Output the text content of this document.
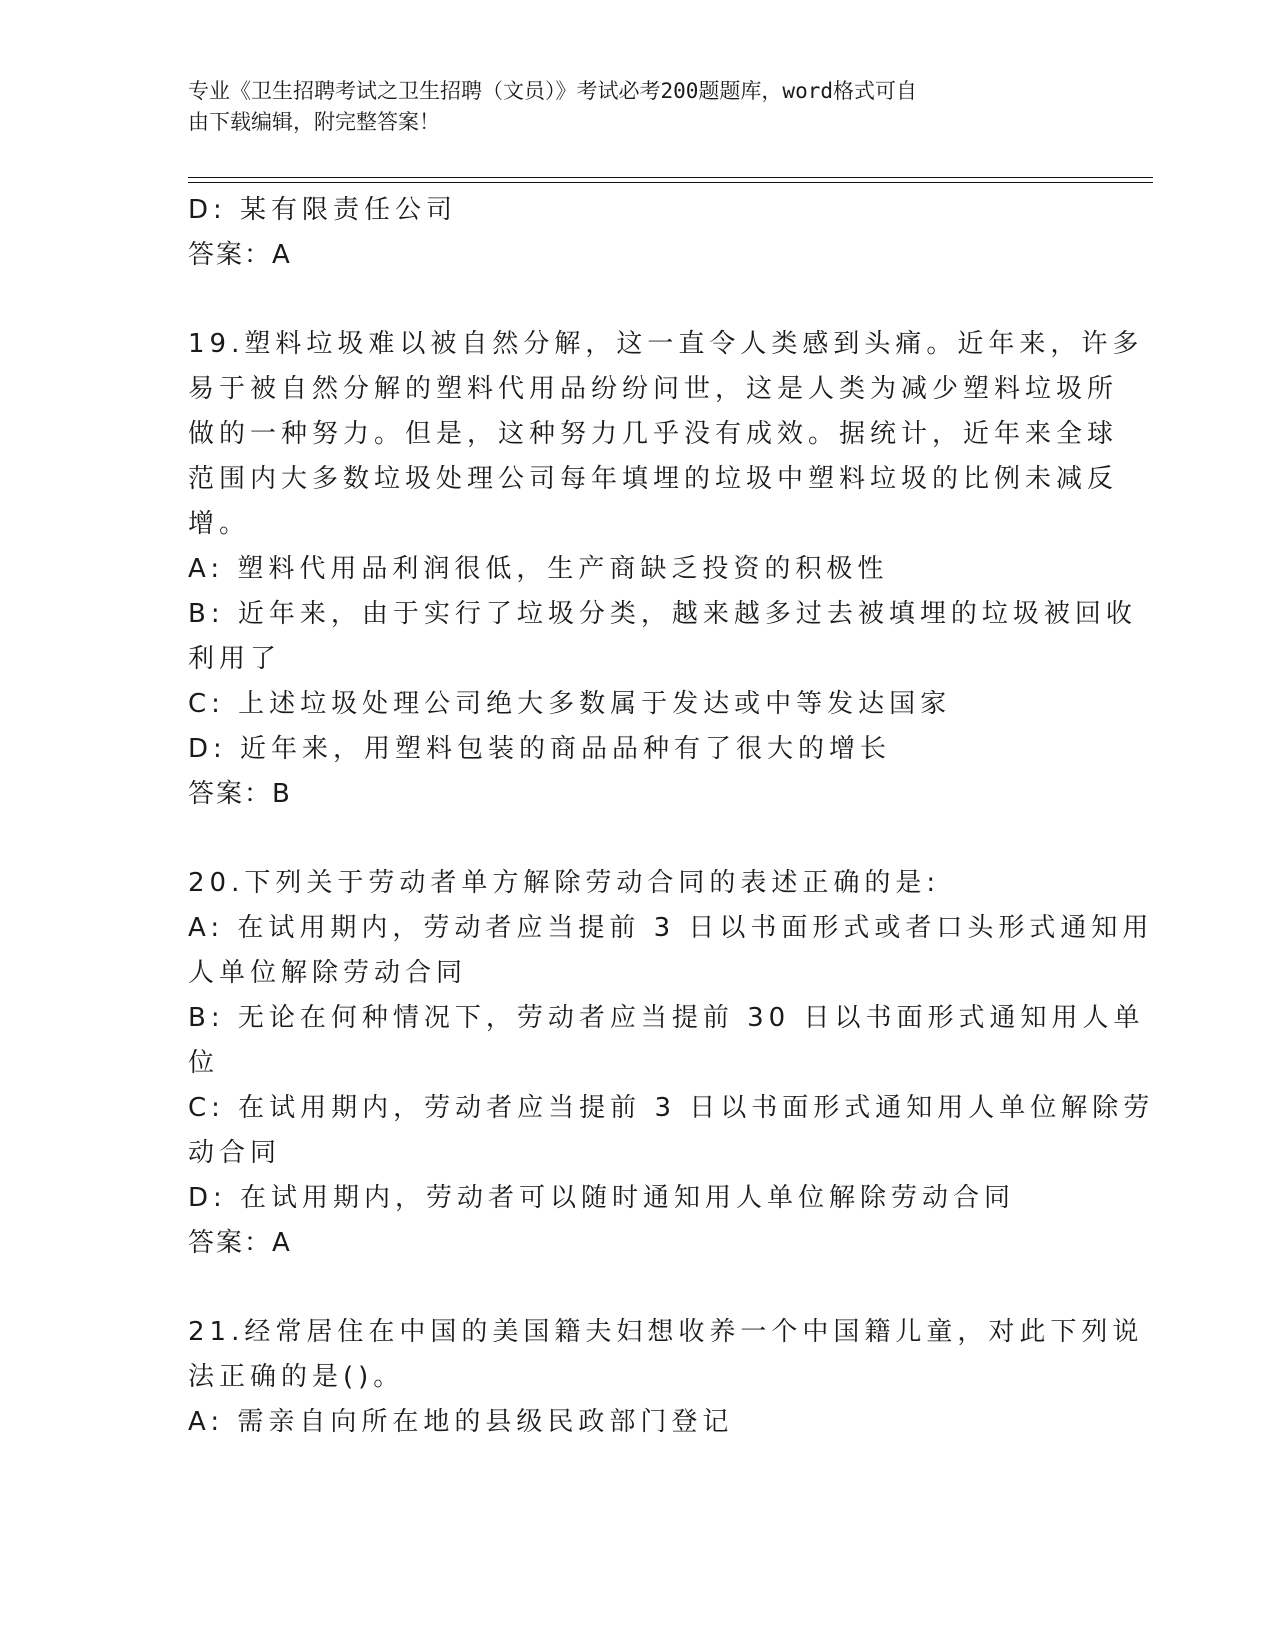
专业《卫生招聘考试之卫生招聘（文员）》考试必考200题题库，word格式可自
由下载编辑，附完整答案！
D: 某有限责任公司
答案：A
19.塑料垃圾难以被自然分解，这一直令人类感到头痛。近年来，许多
易于被自然分解的塑料代用品纷纷问世，这是人类为减少塑料垃圾所
做的一种努力。但是，这种努力几乎没有成效。据统计，近年来全球
范围内大多数垃圾处理公司每年填埋的垃圾中塑料垃圾的比例未减反
增。
A: 塑料代用品利润很低，生产商缺乏投资的积极性
B: 近年来，由于实行了垃圾分类，越来越多过去被填埋的垃圾被回收
利用了
C: 上述垃圾处理公司绝大多数属于发达或中等发达国家
D: 近年来，用塑料包装的商品品种有了很大的增长
答案：B
20.下列关于劳动者单方解除劳动合同的表述正确的是:
A: 在试用期内，劳动者应当提前 3 日以书面形式或者口头形式通知用
人单位解除劳动合同
B: 无论在何种情况下，劳动者应当提前 30 日以书面形式通知用人单
位
C: 在试用期内，劳动者应当提前 3 日以书面形式通知用人单位解除劳
动合同
D: 在试用期内，劳动者可以随时通知用人单位解除劳动合同
答案：A
21.经常居住在中国的美国籍夫妇想收养一个中国籍儿童，对此下列说
法正确的是()。
A: 需亲自向所在地的县级民政部门登记
